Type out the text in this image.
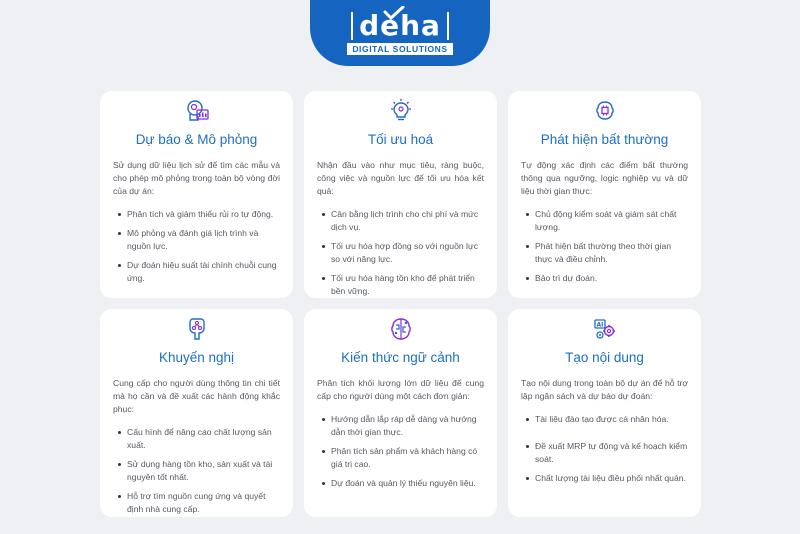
deha
DIGITAL SOLUTIONS
Dự báo & Mô phỏng

Sử dụng dữ liệu lịch sử để tìm các mẫu và cho phép mô phỏng trong toàn bộ vòng đời của dự án:

Phân tích và giảm thiểu rủi ro tự động.
Mô phỏng và đánh giá lịch trình và nguồn lực.
Dự đoán hiệu suất tài chính chuỗi cung ứng.
Tối ưu hoá

Nhận đầu vào như mục tiêu, ràng buộc, công việc và nguồn lực để tối ưu hóa kết quả:

Cân bằng lịch trình cho chi phí và mức dịch vụ.
Tối ưu hóa hợp đồng so với nguồn lực so với năng lực.
Tối ưu hóa hàng tồn kho để phát triển bền vững.
Phát hiện bất thường

Tự động xác định các điểm bất thường thông qua ngưỡng, logic nghiệp vụ và dữ liệu thời gian thực:

Chủ động kiểm soát và giám sát chất lượng.
Phát hiện bất thường theo thời gian thực và điều chỉnh.
Bảo trì dự đoán.
Khuyến nghị

Cung cấp cho người dùng thông tin chi tiết mà họ cần và đề xuất các hành động khắc phục:

Cấu hình để nâng cao chất lượng sản xuất.
Sử dụng hàng tồn kho, sản xuất và tài nguyên tốt nhất.
Hỗ trợ tìm nguồn cung ứng và quyết định nhà cung cấp.
Kiến thức ngữ cảnh

Phân tích khối lượng lớn dữ liệu để cung cấp cho người dùng một cách đơn giản:

Hướng dẫn lắp ráp dễ dàng và hướng dẫn thời gian thực.
Phân tích sản phẩm và khách hàng có giá trị cao.
Dự đoán và quản lý thiếu nguyên liệu.
AI
Tạo nội dung

Tạo nội dung trong toàn bộ dự án để hỗ trợ lập ngân sách và dự báo dự đoán:

Tài liệu đào tạo được cá nhân hóa.
Đề xuất MRP tự động và kế hoạch kiểm soát.
Chất lượng tài liệu điều phối nhất quán.
